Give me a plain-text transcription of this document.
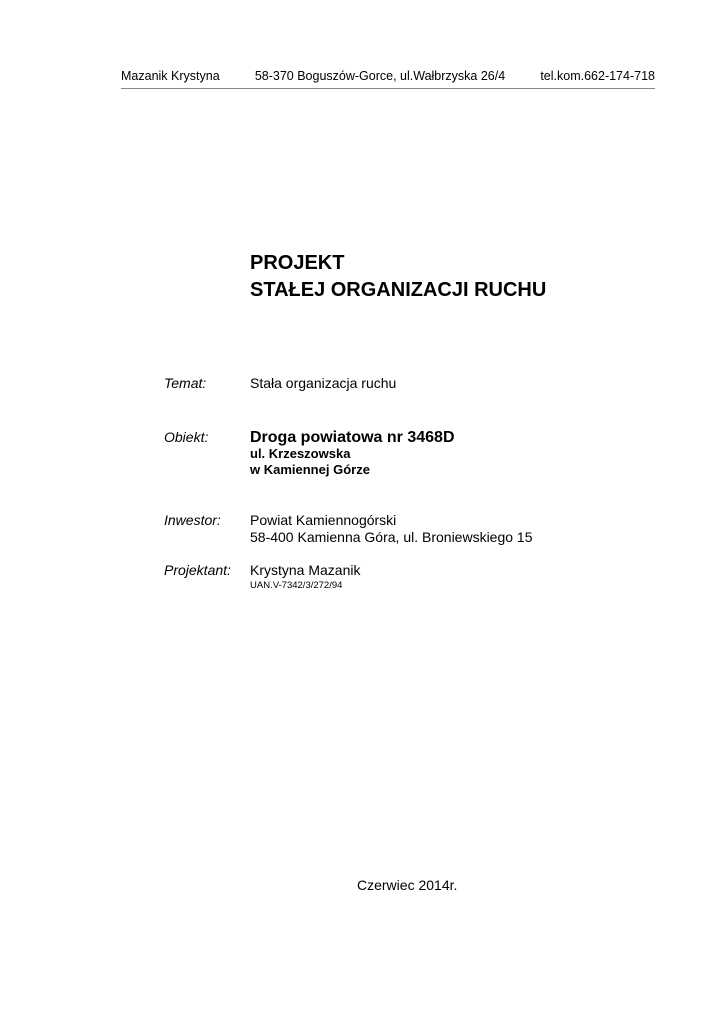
Mazanik Krystyna	58-370 Boguszów-Gorce, ul.Wałbrzyska 26/4	tel.kom.662-174-718
PROJEKT
STAŁEJ ORGANIZACJI RUCHU
Temat:	Stała organizacja ruchu
Obiekt:	Droga powiatowa nr 3468D
ul. Krzeszowska
w Kamiennej Górze
Inwestor: Powiat Kamiennogórski
58-400 Kamienna Góra, ul. Broniewskiego 15
Projektant: Krystyna Mazanik
UAN.V-7342/3/272/94
Czerwiec 2014r.
